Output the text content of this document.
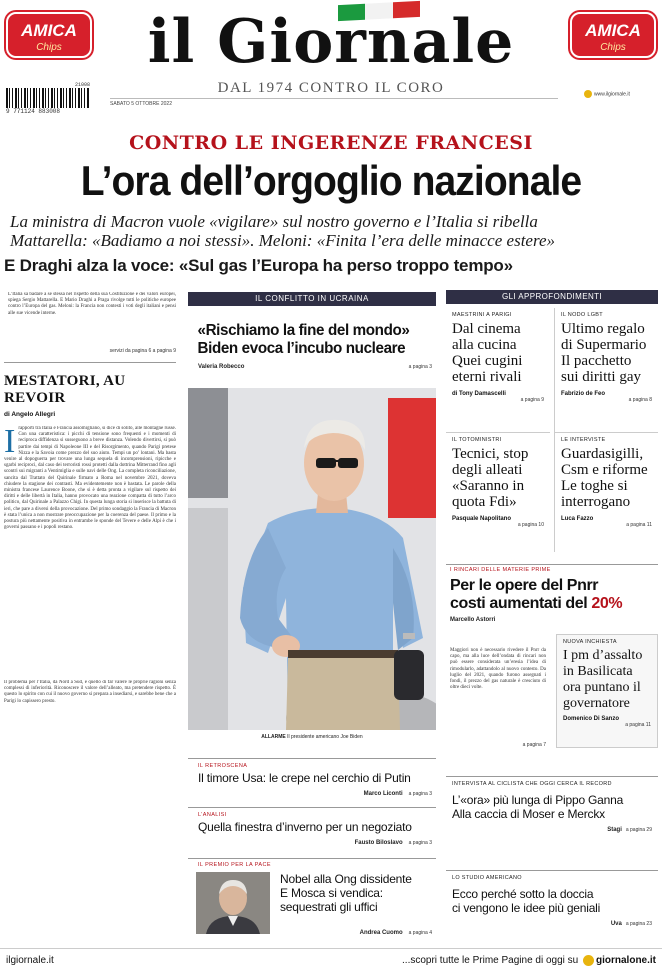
AMICA
Chips	il Giornale
DAL 1974 CONTRO IL CORO
AMICA
Chips
21008
9 771124 883008
SABATO 5 OTTOBRE 2022
www.ilgiornale.it
CONTRO LE INGERENZE FRANCESI
L’ora dell’orgoglio nazionale
La ministra di Macron vuole «vigilare» sul nostro governo e l’Italia si ribella
Mattarella: «Badiamo a noi stessi». Meloni: «Finita l’era delle minacce estere»
E Draghi alza la voce: «Sul gas l’Europa ha perso troppo tempo»
L’Italia sa badare a se stessa nel rispetto della sua Costituzione e dei valori europei, spiega Sergio Mattarella. E Mario Draghi a Praga rivolge tutti le politiche europee contro l’Europa del gas. Meloni: la Francia non contesti i voti degli italiani e pensi alle sue vicende interne.
servizi da pagina 6 a pagina 9
MESTATORI, AU REVOIR
di Angelo Allegri
Irapporti tra Italia e Francia assomigliano, si dice di solito, alle montagne russe. Con una caratteristica: i picchi di tensione sono frequenti e i momenti di reciproca diffidenza si susseguono a breve distanza. Volendo divertirsi, si può partire dai tempi di Napoleone III e del Risorgimento, quando Parigi pretese Nizza e la Savoia come prezzo del suo aiuto. Tempi un po’ lontani. Ma basta venire al dopoguerra per trovare una lunga sequela di incomprensioni, ripicche e sgarbi reciproci, dal caso dei terroristi rossi protetti dalla dottrina Mitterrand fino agli scontri sui migranti a Ventimiglia e sulle navi delle Ong. La completa riconciliazione, sancita dal Trattato del Quirinale firmato a Roma nel novembre 2021, doveva chiudere la stagione dei contrasti. Ma evidentemente non è bastata. Le parole della ministra francese Laurence Boone, che si è detta pronta a vigilare sul rispetto dei diritti e delle libertà in Italia, hanno provocato una reazione compatta di tutto l’arco politico, dal Quirinale a Palazzo Chigi. In questa lunga storia si inserisce la battuta di ieri, che pare a diversi della provocazione. Del primo sondaggio la Francia di Macron è stata l’unica a non mostrare preoccupazione per la coerenza del paese. Il primo e la postura più nettamente positiva in entrambe le sponde del Tevere e delle Alpi è che i governi passano e i popoli restano.
Il problema per l’Italia, da Nord a Sud, è quello di far valere le proprie ragioni senza complessi di inferiorità. Riconoscere il valore dell’alleato, ma pretendere rispetto. È questo lo spirito con cui il nuovo governo si prepara a insediarsi, e sarebbe bene che a Parigi lo capissero presto.
IL CONFLITTO IN UCRAINA
«Rischiamo la fine del mondo»
Biden evoca l’incubo nucleare
Valeria Robecco	a pagina 3
ALLARME Il presidente americano Joe Biden
IL RETROSCENA
Il timore Usa: le crepe nel cerchio di Putin
Marco Liconti a pagina 3
L’ANALISI
Quella finestra d’inverno per un negoziato
Fausto Biloslavo a pagina 3
IL PREMIO PER LA PACE
Nobel alla Ong dissidente
E Mosca si vendica:
sequestrati gli uffici
Andrea Cuomo a pagina 4
GLI APPROFONDIMENTI
MAESTRINI A PARIGI
Dal cinema alla cucina Quei cugini eterni rivali
di Tony Damascelli
a pagina 9
IL NODO LGBT
Ultimo regalo di Supermario Il pacchetto sui diritti gay
Fabrizio de Feo
a pagina 8
IL TOTOMINISTRI
Tecnici, stop degli alleati «Saranno in quota Fdi»
Pasquale Napolitano
a pagina 10
LE INTERVISTE
Guardasigilli, Csm e riforme Le toghe si interrogano
Luca Fazzo
a pagina 11
I RINCARI DELLE MATERIE PRIME
Per le opere del Pnrr
costi aumentati del 20%
Marcello Astorri
Maggiori non è necessario rivedere il Pnrr da capo, ma alla luce dell’ondata di rincari non può essere considerata un’eresia l’idea di rimodularlo, adattandolo al nuovo contesto. Da luglio del 2021, quando furono assegnati i fondi, il prezzo del gas naturale è cresciuto di oltre dieci volte.
a pagina 7
NUOVA INCHIESTA
I pm d’assalto in Basilicata ora puntano il governatore
Domenico Di Sanzo
a pagina 11
INTERVISTA AL CICLISTA CHE OGGI CERCA IL RECORD
L’«ora» più lunga di Pippo Ganna
Alla caccia di Moser e Merckx
Stagi a pagina 29
LO STUDIO AMERICANO
Ecco perché sotto la doccia
ci vengono le idee più geniali
Uva a pagina 23
ilgiornale.it	...scopri tutte le Prime Pagine di oggi su giornalone.it
